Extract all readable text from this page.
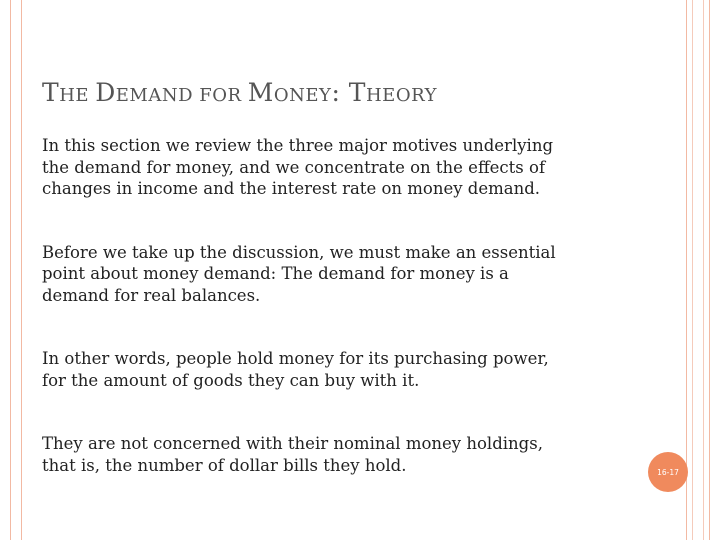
THE DEMAND FOR MONEY: THEORY

In this section we review the three major motives underlying
the demand for money, and we concentrate on the effects of
changes in income and the interest rate on money demand.

Before we take up the discussion, we must make an essential
point about money demand: The demand for money is a
demand for real balances.

In other words, people hold money for its purchasing power,
for the amount of goods they can buy with it.

They are not concerned with their nominal money holdings,
that is, the number of dollar bills they hold.	16-17
